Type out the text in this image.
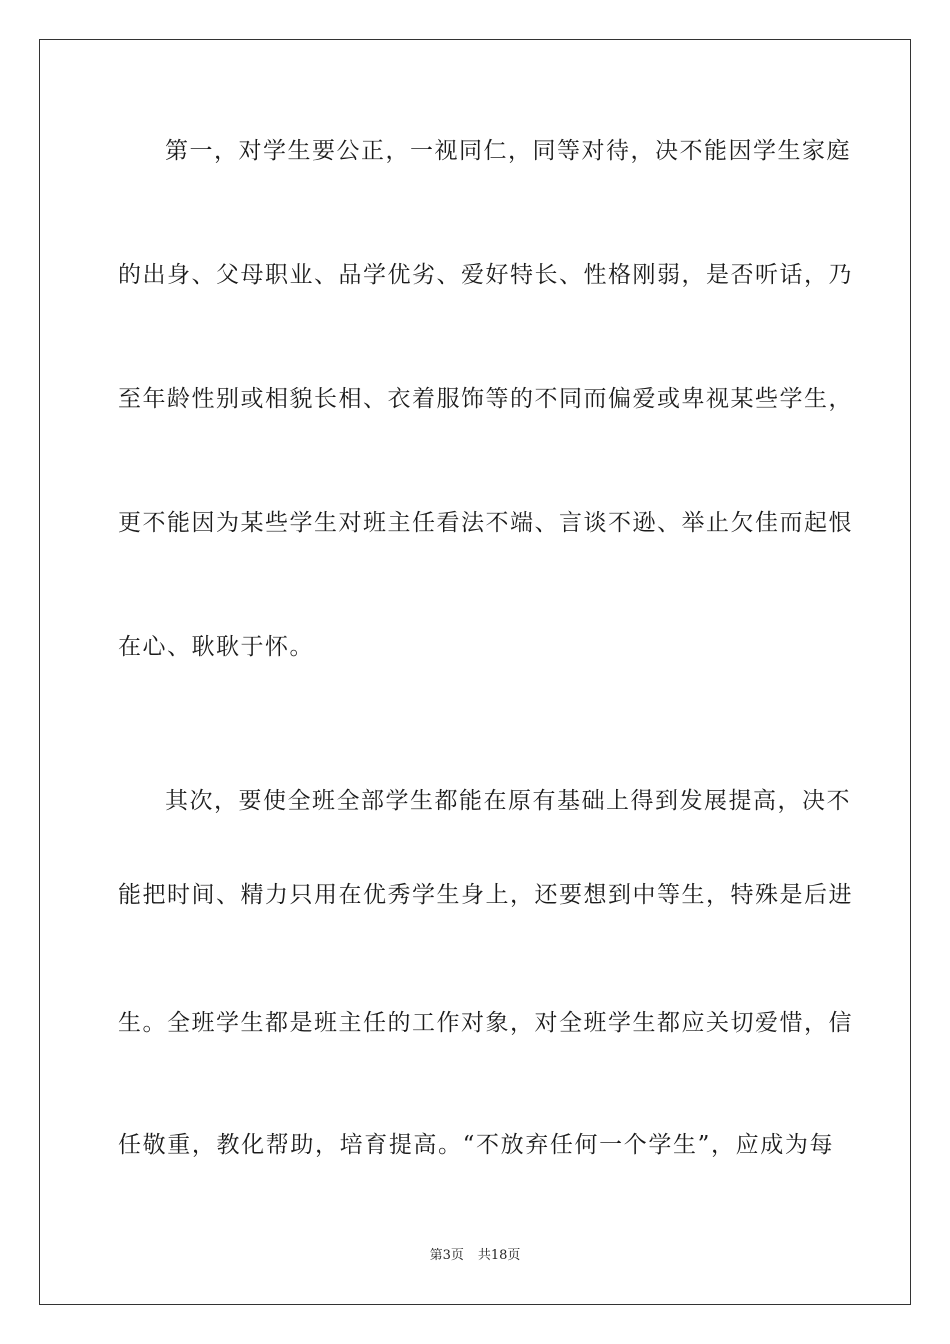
第一，对学生要公正，一视同仁，同等对待，决不能因学生家庭
的出身、父母职业、品学优劣、爱好特长、性格刚弱，是否听话，乃
至年龄性别或相貌长相、衣着服饰等的不同而偏爱或卑视某些学生，
更不能因为某些学生对班主任看法不端、言谈不逊、举止欠佳而起恨
在心、耿耿于怀。
其次，要使全班全部学生都能在原有基础上得到发展提高，决不
能把时间、精力只用在优秀学生身上，还要想到中等生，特殊是后进
生。全班学生都是班主任的工作对象，对全班学生都应关切爱惜，信
任敬重，教化帮助，培育提高。“不放弃任何一个学生”，应成为每
第3页 共18页
